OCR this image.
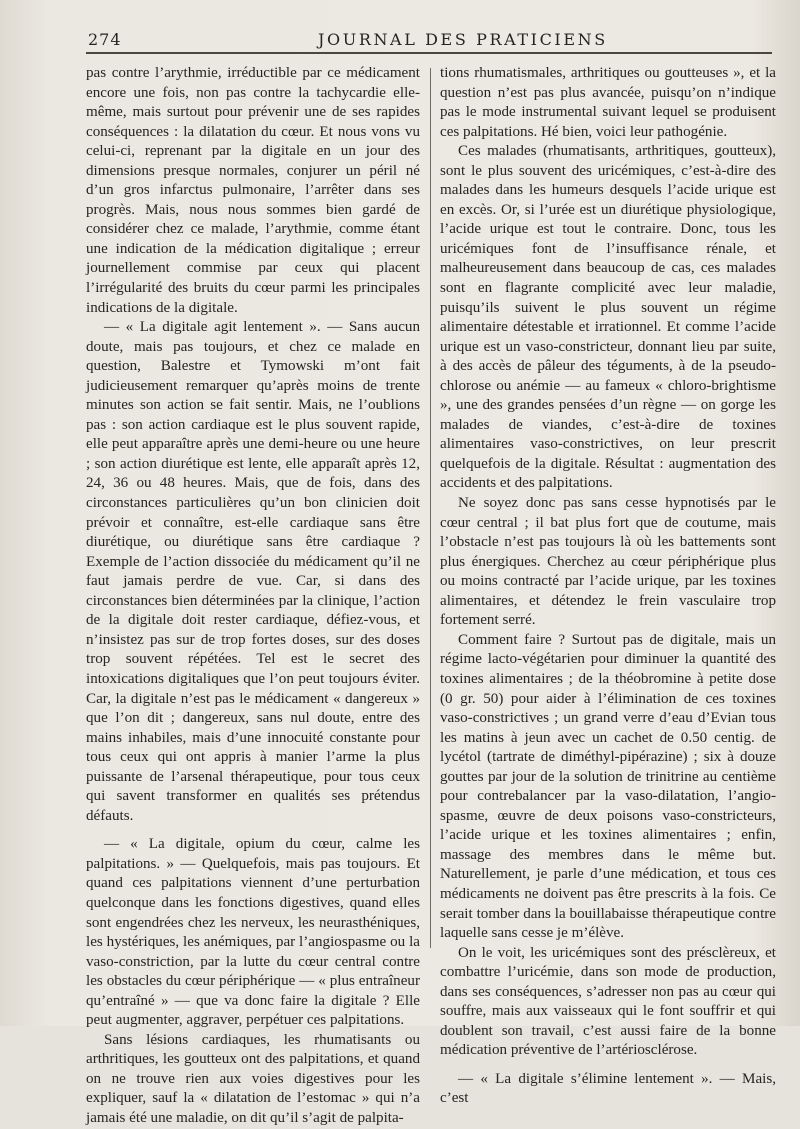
274	JOURNAL DES PRATICIENS

pas contre l’arythmie, irréductible par ce médicament encore une fois, non pas contre la tachycardie elle-même, mais surtout pour prévenir une de ses rapides conséquences : la dilatation du cœur. Et nous vons vu celui-ci, reprenant par la digitale en un jour des dimensions presque normales, conjurer un péril né d’un gros infarctus pulmonaire, l’arrêter dans ses progrès. Mais, nous nous sommes bien gardé de considérer chez ce malade, l’arythmie, comme étant une indication de la médication digitalique ; erreur journellement commise par ceux qui placent l’irrégularité des bruits du cœur parmi les principales indications de la digitale.

— « La digitale agit lentement ». — Sans aucun doute, mais pas toujours, et chez ce malade en question, Balestre et Tymowski m’ont fait judicieusement remarquer qu’après moins de trente minutes son action se fait sentir. Mais, ne l’oublions pas : son action cardiaque est le plus souvent rapide, elle peut apparaître après une demi-heure ou une heure ; son action diurétique est lente, elle apparaît après 12, 24, 36 ou 48 heures. Mais, que de fois, dans des circonstances particulières qu’un bon clinicien doit prévoir et connaître, est-elle cardiaque sans être diurétique, ou diurétique sans être cardiaque ? Exemple de l’action dissociée du médicament qu’il ne faut jamais perdre de vue. Car, si dans des circonstances bien déterminées par la clinique, l’action de la digitale doit rester cardiaque, défiez-vous, et n’insistez pas sur de trop fortes doses, sur des doses trop souvent répétées. Tel est le secret des intoxications digitaliques que l’on peut toujours éviter. Car, la digitale n’est pas le médicament « dangereux » que l’on dit ; dangereux, sans nul doute, entre des mains inhabiles, mais d’une innocuité constante pour tous ceux qui ont appris à manier l’arme la plus puissante de l’arsenal thérapeutique, pour tous ceux qui savent transformer en qualités ses prétendus défauts.

— « La digitale, opium du cœur, calme les palpitations. » — Quelquefois, mais pas toujours. Et quand ces palpitations viennent d’une perturbation quelconque dans les fonctions digestives, quand elles sont engendrées chez les nerveux, les neurasthéniques, les hystériques, les anémiques, par l’angiospasme ou la vaso-constriction, par la lutte du cœur central contre les obstacles du cœur périphérique — « plus entraîneur qu’entraîné » — que va donc faire la digitale ? Elle peut augmenter, aggraver, perpétuer ces palpitations.

Sans lésions cardiaques, les rhumatisants ou arthritiques, les goutteux ont des palpitations, et quand on ne trouve rien aux voies digestives pour les expliquer, sauf la « dilatation de l’estomac » qui n’a jamais été une maladie, on dit qu’il s’agit de palpita-

tions rhumatismales, arthritiques ou goutteuses », et la question n’est pas plus avancée, puisqu’on n’indique pas le mode instrumental suivant lequel se produisent ces palpitations. Hé bien, voici leur pathogénie.

Ces malades (rhumatisants, arthritiques, goutteux), sont le plus souvent des uricémiques, c’est-à-dire des malades dans les humeurs desquels l’acide urique est en excès. Or, si l’urée est un diurétique physiologique, l’acide urique est tout le contraire. Donc, tous les uricémiques font de l’insuffisance rénale, et malheureusement dans beaucoup de cas, ces malades sont en flagrante complicité avec leur maladie, puisqu’ils suivent le plus souvent un régime alimentaire détestable et irrationnel. Et comme l’acide urique est un vaso-constricteur, donnant lieu par suite, à des accès de pâleur des téguments, à de la pseudo-chlorose ou anémie — au fameux « chloro-brightisme », une des grandes pensées d’un règne — on gorge les malades de viandes, c’est-à-dire de toxines alimentaires vaso-constrictives, on leur prescrit quelquefois de la digitale. Résultat : augmentation des accidents et des palpitations.

Ne soyez donc pas sans cesse hypnotisés par le cœur central ; il bat plus fort que de coutume, mais l’obstacle n’est pas toujours là où les battements sont plus énergiques. Cherchez au cœur périphérique plus ou moins contracté par l’acide urique, par les toxines alimentaires, et détendez le frein vasculaire trop fortement serré.

Comment faire ? Surtout pas de digitale, mais un régime lacto-végétarien pour diminuer la quantité des toxines alimentaires ; de la théobromine à petite dose (0 gr. 50) pour aider à l’élimination de ces toxines vaso-constrictives ; un grand verre d’eau d’Evian tous les matins à jeun avec un cachet de 0.50 centig. de lycétol (tartrate de diméthyl-pipérazine) ; six à douze gouttes par jour de la solution de trinitrine au centième pour contrebalancer par la vaso-dilatation, l’angio-spasme, œuvre de deux poisons vaso-constricteurs, l’acide urique et les toxines alimentaires ; enfin, massage des membres dans le même but. Naturellement, je parle d’une médication, et tous ces médicaments ne doivent pas être prescrits à la fois. Ce serait tomber dans la bouillabaisse thérapeutique contre laquelle sans cesse je m’élève.

On le voit, les uricémiques sont des présclèreux, et combattre l’uricémie, dans son mode de production, dans ses conséquences, s’adresser non pas au cœur qui souffre, mais aux vaisseaux qui le font souffrir et qui doublent son travail, c’est aussi faire de la bonne médication préventive de l’artériosclérose.

— « La digitale s’élimine lentement ». — Mais, c’est
